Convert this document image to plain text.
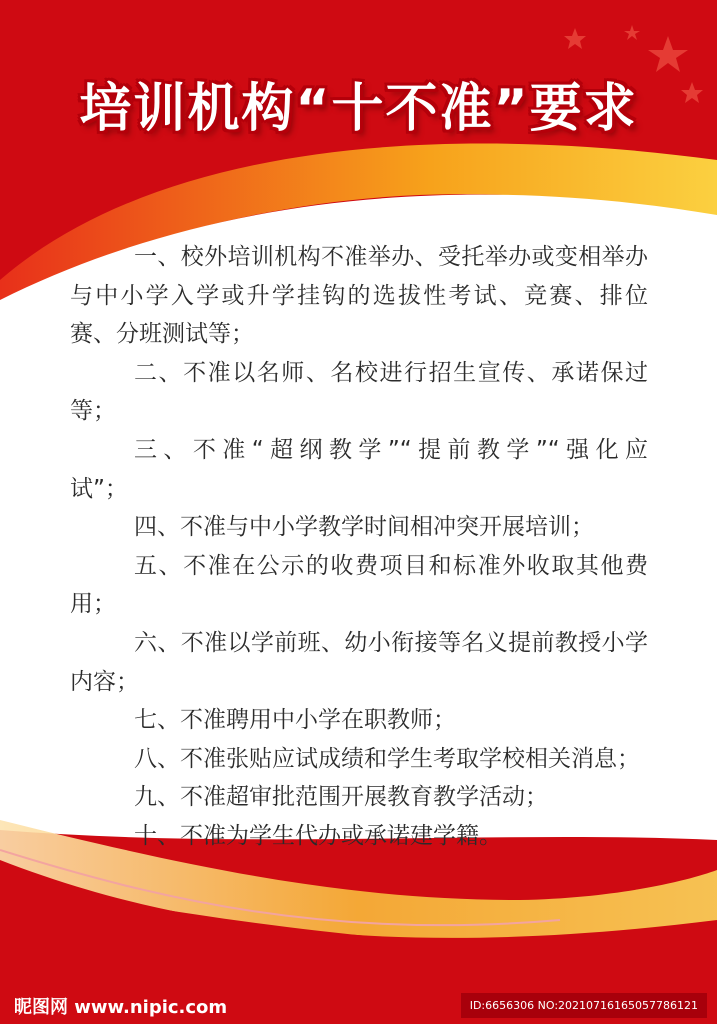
培训机构“十不准”要求
一、校外培训机构不准举办、受托举办或变相举办
与中小学入学或升学挂钩的选拔性考试、竞赛、排位
赛、分班测试等；
二、不准以名师、名校进行招生宣传、承诺保过
等；
三、不准“超纲教学”“提前教学”“强化应
试”；
四、不准与中小学教学时间相冲突开展培训；
五、不准在公示的收费项目和标准外收取其他费
用；
六、不准以学前班、幼小衔接等名义提前教授小学
内容；
七、不准聘用中小学在职教师；
八、不准张贴应试成绩和学生考取学校相关消息；
九、不准超审批范围开展教育教学活动；
十、不准为学生代办或承诺建学籍。
昵图网 www.nipic.com	ID:6656306 NO:20210716165057786121
